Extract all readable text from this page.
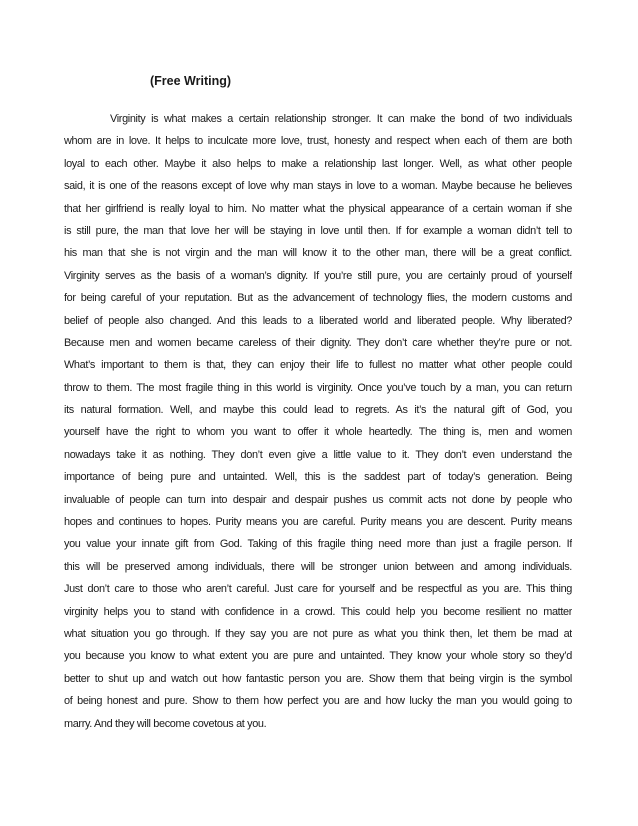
(Free Writing)
Virginity is what makes a certain relationship stronger. It can make the bond of two individuals
whom are in love. It helps to inculcate more love, trust, honesty and respect when each of them are both
loyal to each other. Maybe it also helps to make a relationship last longer. Well, as what other people
said, it is one of the reasons except of love why man stays in love to a woman. Maybe because he believes
that her girlfriend is really loyal to him. No matter what the physical appearance of a certain woman if she
is still pure, the man that love her will be staying in love until then. If for example a woman didn’t tell to
his man that she is not virgin and the man will know it to the other man, there will be a great conflict.
Virginity serves as the basis of a woman’s dignity. If you’re still pure, you are certainly proud of yourself
for being careful of your reputation. But as the advancement of technology flies, the modern customs and
belief of people also changed. And this leads to a liberated world and liberated people. Why liberated?
Because men and women became careless of their dignity. They don’t care whether they’re pure or not.
What’s important to them is that, they can enjoy their life to fullest no matter what other people could
throw to them. The most fragile thing in this world is virginity. Once you’ve touch by a man, you can return
its natural formation. Well, and maybe this could lead to regrets. As it’s the natural gift of God, you
yourself have the right to whom you want to offer it whole heartedly. The thing is, men and women
nowadays take it as nothing. They don’t even give a little value to it. They don’t even understand the
importance of being pure and untainted. Well, this is the saddest part of today’s generation. Being
invaluable of people can turn into despair and despair pushes us commit acts not done by people who
hopes and continues to hopes. Purity means you are careful. Purity means you are descent. Purity means
you value your innate gift from God. Taking of this fragile thing need more than just a fragile person. If
this will be preserved among individuals, there will be stronger union between and among individuals.
Just don’t care to those who aren’t careful. Just care for yourself and be respectful as you are. This thing
virginity helps you to stand with confidence in a crowd. This could help you become resilient no matter
what situation you go through. If they say you are not pure as what you think then, let them be mad at
you because you know to what extent you are pure and untainted. They know your whole story so they’d
better to shut up and watch out how fantastic person you are. Show them that being virgin is the symbol
of being honest and pure. Show to them how perfect you are and how lucky the man you would going to
marry. And they will become covetous at you.
